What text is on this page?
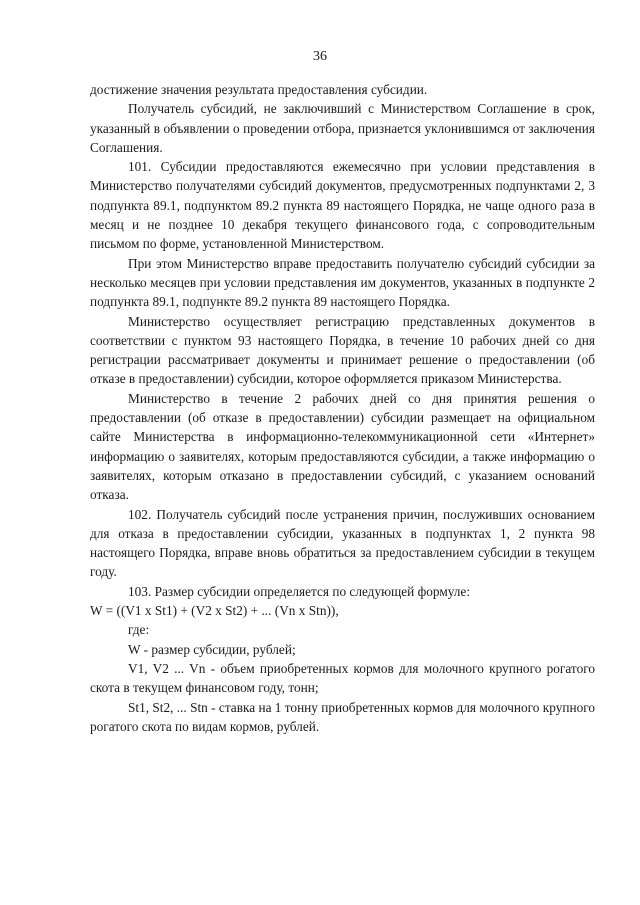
36

достижение значения результата предоставления субсидии.

Получатель субсидий, не заключивший с Министерством Соглашение в срок, указанный в объявлении о проведении отбора, признается уклонившимся от заключения Соглашения.

101. Субсидии предоставляются ежемесячно при условии представления в Министерство получателями субсидий документов, предусмотренных подпунктами 2, 3 подпункта 89.1, подпунктом 89.2 пункта 89 настоящего Порядка, не чаще одного раза в месяц и не позднее 10 декабря текущего финансового года, с сопроводительным письмом по форме, установленной Министерством.

При этом Министерство вправе предоставить получателю субсидий субсидии за несколько месяцев при условии представления им документов, указанных в подпункте 2 подпункта 89.1, подпункте 89.2 пункта 89 настоящего Порядка.

Министерство осуществляет регистрацию представленных документов в соответствии с пунктом 93 настоящего Порядка, в течение 10 рабочих дней со дня регистрации рассматривает документы и принимает решение о предоставлении (об отказе в предоставлении) субсидии, которое оформляется приказом Министерства.

Министерство в течение 2 рабочих дней со дня принятия решения о предоставлении (об отказе в предоставлении) субсидии размещает на официальном сайте Министерства в информационно-телекоммуникационной сети «Интернет» информацию о заявителях, которым предоставляются субсидии, а также информацию о заявителях, которым отказано в предоставлении субсидий, с указанием оснований отказа.

102. Получатель субсидий после устранения причин, послуживших основанием для отказа в предоставлении субсидии, указанных в подпунктах 1, 2 пункта 98 настоящего Порядка, вправе вновь обратиться за предоставлением субсидии в текущем году.

103. Размер субсидии определяется по следующей формуле:

W = ((V1 x St1) + (V2 x St2) + ... (Vn x Stn)),

где:

W - размер субсидии, рублей;

V1, V2 ... Vn - объем приобретенных кормов для молочного крупного рогатого скота в текущем финансовом году, тонн;

St1, St2, ... Stn - ставка на 1 тонну приобретенных кормов для молочного крупного рогатого скота по видам кормов, рублей.
